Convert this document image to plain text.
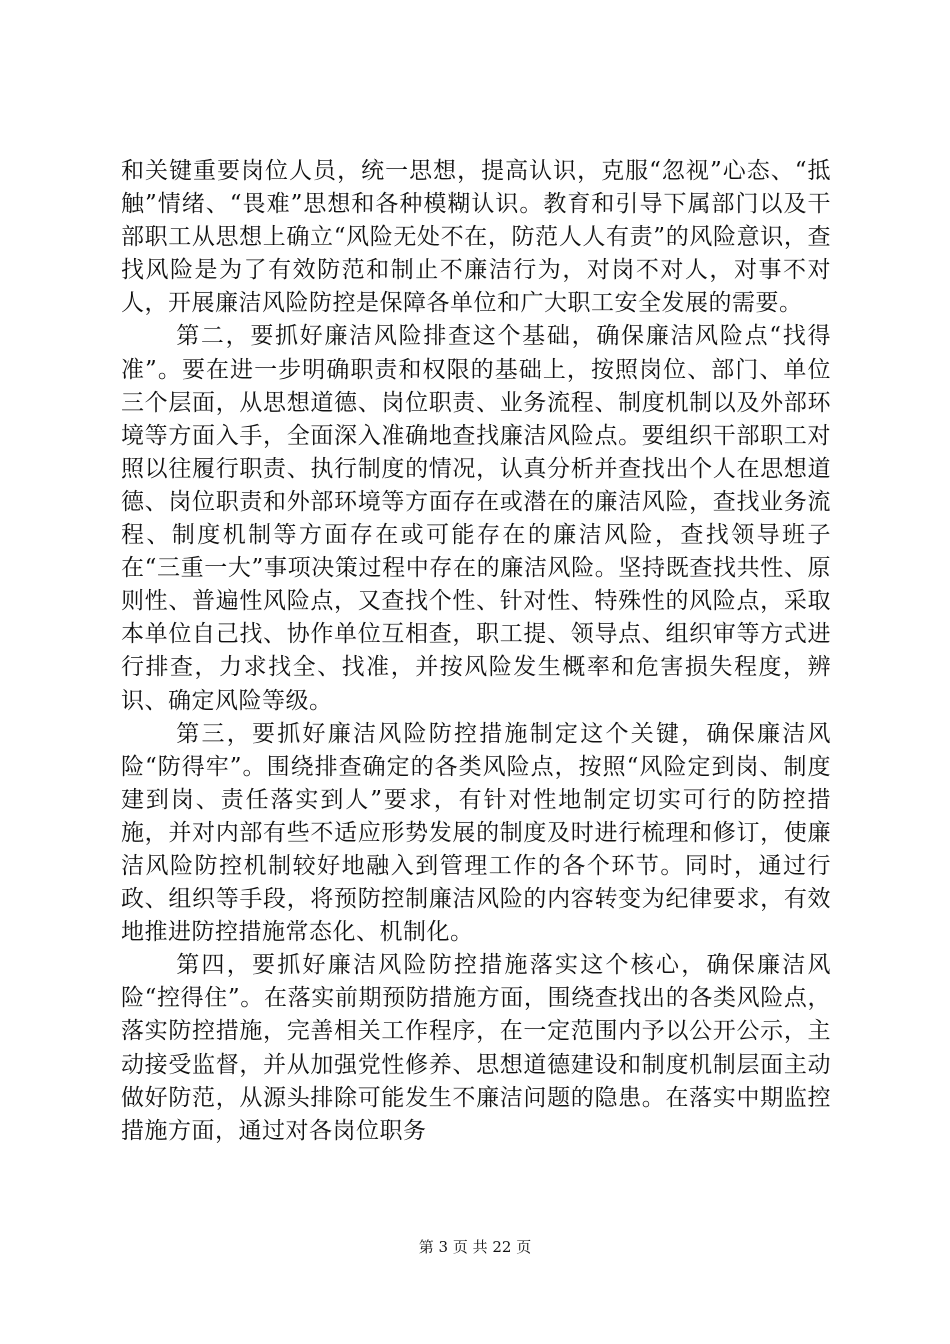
和关键重要岗位人员，统一思想，提高认识，克服“忽视”心态、“抵触”情绪、“畏难”思想和各种模糊认识。教育和引导下属部门以及干部职工从思想上确立“风险无处不在，防范人人有责”的风险意识，查找风险是为了有效防范和制止不廉洁行为，对岗不对人，对事不对人，开展廉洁风险防控是保障各单位和广大职工安全发展的需要。

第二，要抓好廉洁风险排查这个基础，确保廉洁风险点“找得准”。要在进一步明确职责和权限的基础上，按照岗位、部门、单位三个层面，从思想道德、岗位职责、业务流程、制度机制以及外部环境等方面入手，全面深入准确地查找廉洁风险点。要组织干部职工对照以往履行职责、执行制度的情况，认真分析并查找出个人在思想道德、岗位职责和外部环境等方面存在或潜在的廉洁风险，查找业务流程、制度机制等方面存在或可能存在的廉洁风险，查找领导班子在“三重一大”事项决策过程中存在的廉洁风险。坚持既查找共性、原则性、普遍性风险点，又查找个性、针对性、特殊性的风险点，采取本单位自己找、协作单位互相查，职工提、领导点、组织审等方式进行排查，力求找全、找准，并按风险发生概率和危害损失程度，辨识、确定风险等级。

第三，要抓好廉洁风险防控措施制定这个关键，确保廉洁风险“防得牢”。围绕排查确定的各类风险点，按照“风险定到岗、制度建到岗、责任落实到人”要求，有针对性地制定切实可行的防控措施，并对内部有些不适应形势发展的制度及时进行梳理和修订，使廉洁风险防控机制较好地融入到管理工作的各个环节。同时，通过行政、组织等手段，将预防控制廉洁风险的内容转变为纪律要求，有效地推进防控措施常态化、机制化。

第四，要抓好廉洁风险防控措施落实这个核心，确保廉洁风险“控得住”。在落实前期预防措施方面，围绕查找出的各类风险点，落实防控措施，完善相关工作程序，在一定范围内予以公开公示，主动接受监督，并从加强党性修养、思想道德建设和制度机制层面主动做好防范，从源头排除可能发生不廉洁问题的隐患。在落实中期监控措施方面，通过对各岗位职务

第 3 页 共 22 页
